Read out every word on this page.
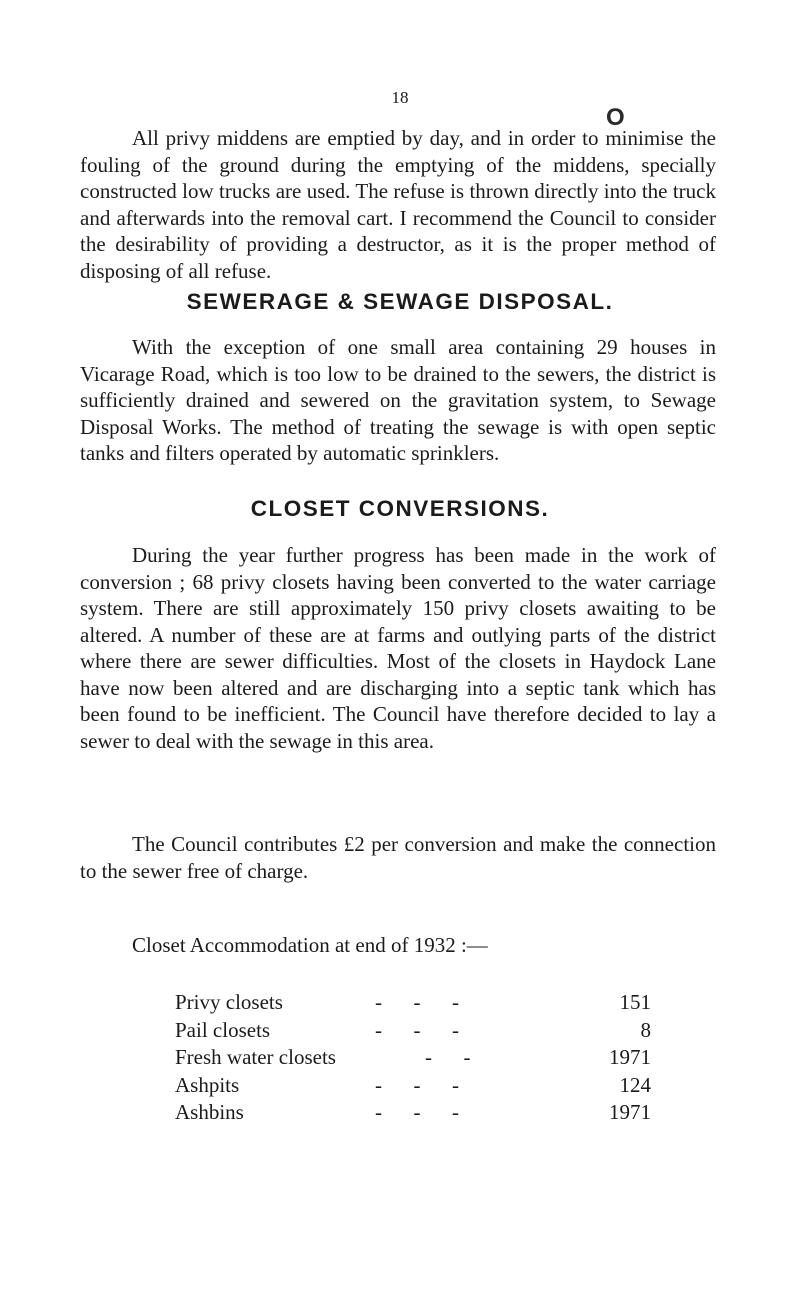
18
O

All privy middens are emptied by day, and in order to minimise the fouling of the ground during the emptying of the middens, specially constructed low trucks are used. The refuse is thrown directly into the truck and afterwards into the removal cart. I recommend the Council to consider the desirability of providing a destructor, as it is the proper method of disposing of all refuse.

SEWERAGE & SEWAGE DISPOSAL.

With the exception of one small area containing 29 houses in Vicarage Road, which is too low to be drained to the sewers, the district is sufficiently drained and sewered on the gravitation system, to Sewage Disposal Works. The method of treating the sewage is with open septic tanks and filters operated by automatic sprinklers.

CLOSET CONVERSIONS.

During the year further progress has been made in the work of conversion ; 68 privy closets having been converted to the water carriage system. There are still approximately 150 privy closets awaiting to be altered. A number of these are at farms and outlying parts of the district where there are sewer difficulties. Most of the closets in Haydock Lane have now been altered and are discharging into a septic tank which has been found to be inefficient. The Council have therefore decided to lay a sewer to deal with the sewage in this area.

The Council contributes £2 per conversion and make the connection to the sewer free of charge.

Closet Accommodation at end of 1932 :—

Privy closets	-      -      -	151
Pail closets	-      -      -	8
Fresh water closets	-      -	1971
Ashpits	-      -      -	124
Ashbins	-      -      -	1971
